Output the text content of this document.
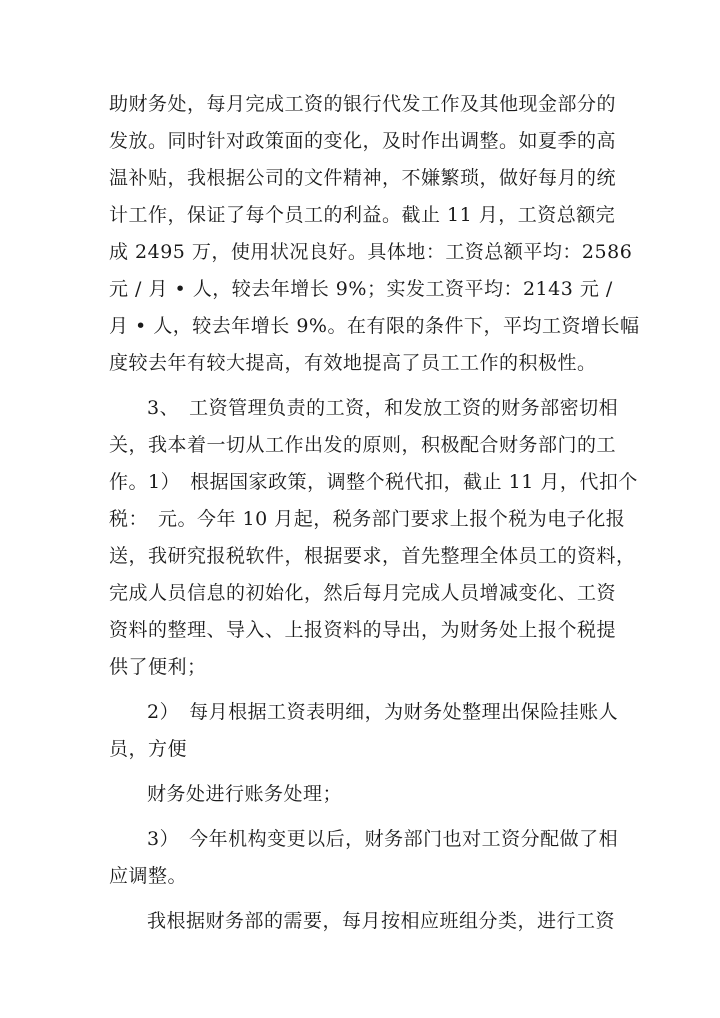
助财务处，每月完成工资的银行代发工作及其他现金部分的
发放。同时针对政策面的变化，及时作出调整。如夏季的高
温补贴，我根据公司的文件精神，不嫌繁琐，做好每月的统
计工作，保证了每个员工的利益。截止 11 月，工资总额完
成 2495 万，使用状况良好。具体地：工资总额平均：2586
元 / 月 • 人，较去年增长 9%；实发工资平均：2143 元 /
月 • 人，较去年增长 9%。在有限的条件下，平均工资增长幅
度较去年有较大提高，有效地提高了员工工作的积极性。
3、　工资管理负责的工资，和发放工资的财务部密切相
关，我本着一切从工作出发的原则，积极配合财务部门的工
作。1）　根据国家政策，调整个税代扣，截止 11 月，代扣个
税：　元。今年 10 月起，税务部门要求上报个税为电子化报
送，我研究报税软件，根据要求，首先整理全体员工的资料，
完成人员信息的初始化，然后每月完成人员增减变化、工资
资料的整理、导入、上报资料的导出，为财务处上报个税提
供了便利；
2）　每月根据工资表明细，为财务处整理出保险挂账人
员，方便
财务处进行账务处理；
3）　今年机构变更以后，财务部门也对工资分配做了相
应调整。
我根据财务部的需要，每月按相应班组分类，进行工资
